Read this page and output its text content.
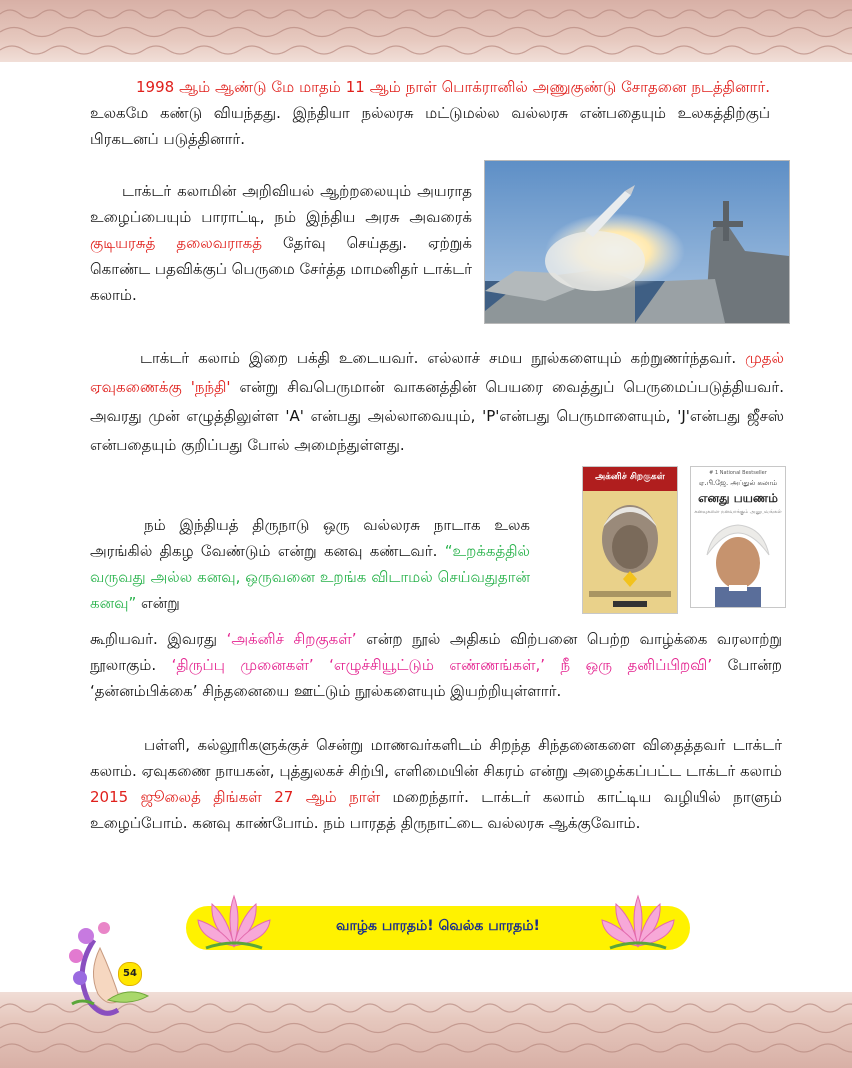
1998 ஆம் ஆண்டு மே மாதம் 11 ஆம் நாள் பொக்ரானில் அணுகுண்டு சோதனை நடத்தினார். உலகமே கண்டு வியந்தது. இந்தியா நல்லரசு மட்டுமல்ல வல்லரசு என்பதையும் உலகத்திற்குப் பிரகடனப் படுத்தினார்.

டாக்டர் கலாமின் அறிவியல் ஆற்றலையும் அயராத உழைப்பையும் பாராட்டி, நம் இந்திய அரசு அவரைக் குடியரசுத் தலைவராகத் தேர்வு செய்தது. ஏற்றுக் கொண்ட பதவிக்குப் பெருமை சேர்த்த மாமனிதர் டாக்டர் கலாம்.

டாக்டர் கலாம் இறை பக்தி உடையவர். எல்லாச் சமய நூல்களையும் கற்றுணர்ந்தவர். முதல் ஏவுகணைக்கு 'நந்தி' என்று சிவபெருமான் வாகனத்தின் பெயரை வைத்துப் பெருமைப்படுத்தியவர். அவரது முன் எழுத்திலுள்ள 'A' என்பது அல்லாவையும், 'P'என்பது பெருமாளையும், 'J'என்பது ஜீசஸ் என்பதையும் குறிப்பது போல் அமைந்துள்ளது.

அக்னிச் சிறகுகள்	# 1 National Bestseller
ஏ.பி.ஜே. அப்துல் கலாம்
எனது பயணம்
கனவுகளை நனவாக்கும் அனுபவங்கள்

நம் இந்தியத் திருநாடு ஒரு வல்லரசு நாடாக உலக அரங்கில் திகழ வேண்டும் என்று கனவு கண்டவர். “உறக்கத்தில் வருவது அல்ல கனவு, ஒருவனை உறங்க விடாமல் செய்வதுதான் கனவு” என்று

கூறியவர். இவரது ‘அக்னிச் சிறகுகள்’ என்ற நூல் அதிகம் விற்பனை பெற்ற வாழ்க்கை வரலாற்று நூலாகும். ‘திருப்பு முனைகள்’ ‘எழுச்சியூட்டும் எண்ணங்கள்,’ நீ ஒரு தனிப்பிறவி’ போன்ற ‘தன்னம்பிக்கை’ சிந்தனையை ஊட்டும் நூல்களையும் இயற்றியுள்ளார்.

பள்ளி, கல்லூரிகளுக்குச் சென்று மாணவர்களிடம் சிறந்த சிந்தனைகளை விதைத்தவர் டாக்டர் கலாம். ஏவுகணை நாயகன், புத்துலகச் சிற்பி, எளிமையின் சிகரம் என்று அழைக்கப்பட்ட டாக்டர் கலாம் 2015 ஜூலைத் திங்கள் 27 ஆம் நாள் மறைந்தார். டாக்டர் கலாம் காட்டிய வழியில் நாளும் உழைப்போம். கனவு காண்போம். நம் பாரதத் திருநாட்டை வல்லரசு ஆக்குவோம்.

வாழ்க பாரதம்! வெல்க பாரதம்!
54
